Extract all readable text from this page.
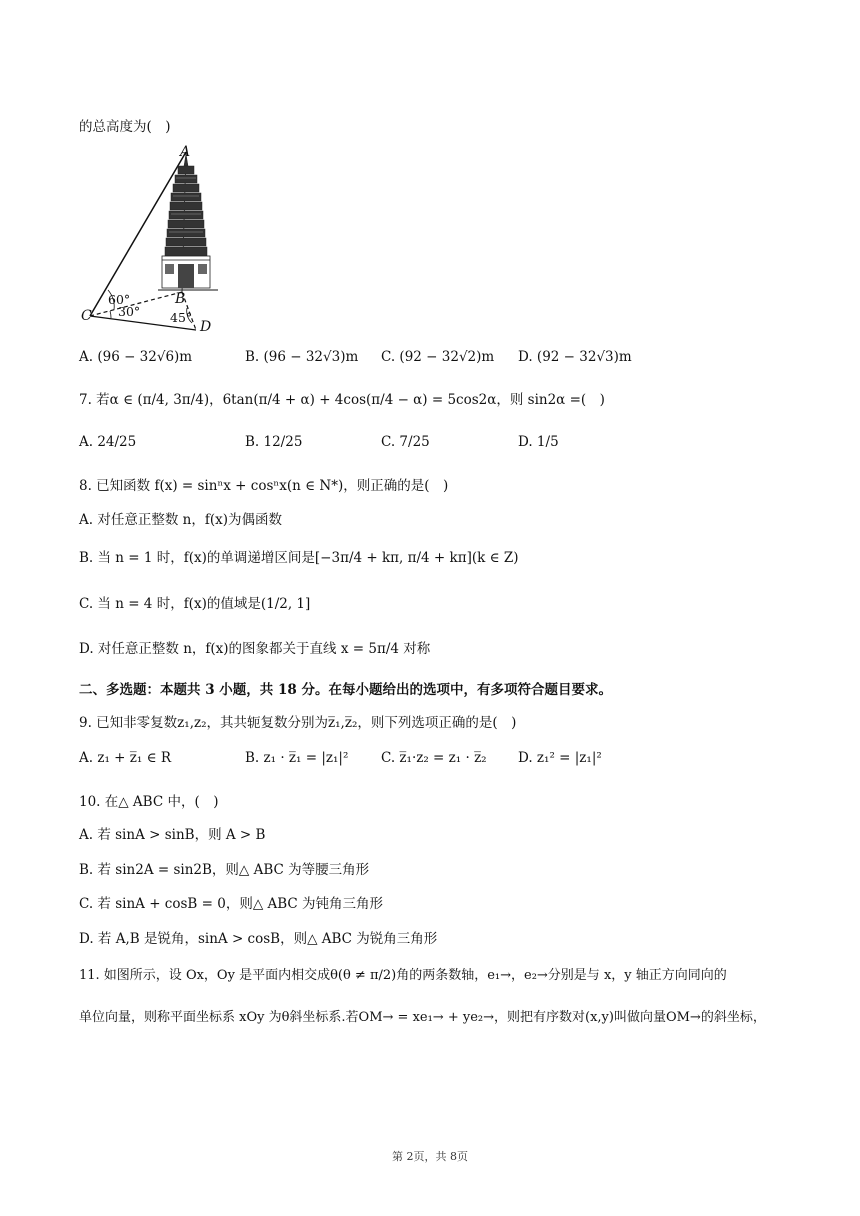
的总高度为(　)
A
B
C
D
60°
30° 45°
A. (96 − 32√6)m	B. (96 − 32√3)m C. (92 − 32√2)m D. (92 − 32√3)m
7. 若α ∈ (π/4, 3π/4)，6tan(π/4 + α) + 4cos(π/4 − α) = 5cos2α，则 sin2α =(　)
A. 24/25	B. 12/25	C. 7/25	D. 1/5
8. 已知函数 f(x) = sinⁿx + cosⁿx(n ∈ N*)，则正确的是(　)
A. 对任意正整数 n，f(x)为偶函数
B. 当 n = 1 时，f(x)的单调递增区间是[−3π/4 + kπ, π/4 + kπ](k ∈ Z)
C. 当 n = 4 时，f(x)的值域是(1/2, 1]
D. 对任意正整数 n，f(x)的图象都关于直线 x = 5π/4 对称
二、多选题：本题共 3 小题，共 18 分。在每小题给出的选项中，有多项符合题目要求。
9. 已知非零复数z₁,z₂，其共轭复数分别为z̅₁,z̅₂，则下列选项正确的是(　)
A. z₁ + z̅₁ ∈ R	B. z₁ · z̅₁ = |z₁|² C. z̅₁·z₂ = z₁ · z̅₂ D. z₁² = |z₁|²
10. 在△ ABC 中，(　)
A. 若 sinA > sinB，则 A > B
B. 若 sin2A = sin2B，则△ ABC 为等腰三角形
C. 若 sinA + cosB = 0，则△ ABC 为钝角三角形
D. 若 A,B 是锐角，sinA > cosB，则△ ABC 为锐角三角形
11. 如图所示，设 Ox，Oy 是平面内相交成θ(θ ≠ π/2)角的两条数轴，e₁→，e₂→分别是与 x，y 轴正方向同向的
单位向量，则称平面坐标系 xOy 为θ斜坐标系.若OM→ = xe₁→ + ye₂→，则把有序数对(x,y)叫做向量OM→的斜坐标，
第 2页，共 8页
